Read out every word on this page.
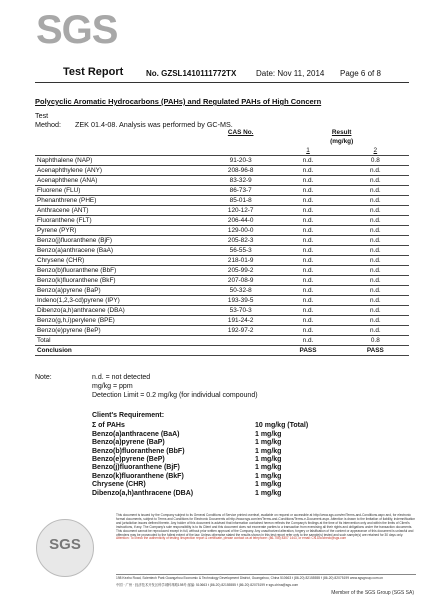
SGS
Test Report	No. GZSL1410111772TX Date: Nov 11, 2014 Page 6 of 8
Polycyclic Aromatic Hydrocarbons (PAHs) and Regulated PAHs of High Concern
Test Method: ZEK 01.4-08. Analysis was performed by GC-MS.
	CAS No.	Result	
		(mg/kg)	
		1	2
Naphthalene (NAP)	91-20-3	n.d.	0.8
Acenaphthylene (ANY)	208-96-8	n.d.	n.d.
Acenaphthene (ANA)	83-32-9	n.d.	n.d.
Fluorene (FLU)	86-73-7	n.d.	n.d.
Phenanthrene (PHE)	85-01-8	n.d.	n.d.
Anthracene (ANT)	120-12-7	n.d.	n.d.
Fluoranthene (FLT)	206-44-0	n.d.	n.d.
Pyrene (PYR)	129-00-0	n.d.	n.d.
Benzo(j)fluoranthene (BjF)	205-82-3	n.d.	n.d.
Benzo(a)anthracene (BaA)	56-55-3	n.d.	n.d.
Chrysene (CHR)	218-01-9	n.d.	n.d.
Benzo(b)fluoranthene (BbF)	205-99-2	n.d.	n.d.
Benzo(k)fluoranthene (BkF)	207-08-9	n.d.	n.d.
Benzo(a)pyrene (BaP)	50-32-8	n.d.	n.d.
Indeno(1,2,3-cd)pyrene (IPY)	193-39-5	n.d.	n.d.
Dibenzo(a,h)anthracene (DBA)	53-70-3	n.d.	n.d.
Benzo(g,h,i)perylene (BPE)	191-24-2	n.d.	n.d.
Benzo(e)pyrene (BeP)	192-97-2	n.d.	n.d.
Total		n.d.	0.8
Conclusion		PASS	PASS
Note:	n.d. = not detected
mg/kg = ppm
Detection Limit = 0.2 mg/kg (for individual compound)
Client's Requirement:
Σ of PAHs	10 mg/kg (Total)
Benzo(a)anthracene (BaA)	1 mg/kg
Benzo(a)pyrene (BaP)	1 mg/kg
Benzo(b)fluoranthene (BbF)	1 mg/kg
Benzo(e)pyrene (BeP)	1 mg/kg
Benzo(j)fluoranthene (BjF)	1 mg/kg
Benzo(k)fluoranthene (BkF)	1 mg/kg
Chrysene (CHR)	1 mg/kg
Dibenzo(a,h)anthracene (DBA)	1 mg/kg
SGS
This document is issued by the Company subject to its General Conditions of Service printed overleaf, available on request or accessible at http://www.sgs.com/en/Terms-and-Conditions.aspx and, for electronic format documents, subject to Terms and Conditions for Electronic Documents at http://www.sgs.com/en/Terms-and-Conditions/Terms-e-Document.aspx. Attention is drawn to the limitation of liability, indemnification and jurisdiction issues defined therein. Any holder of this document is advised that information contained hereon reflects the Company's findings at the time of its intervention only and within the limits of Client's instructions, if any. The Company's sole responsibility is to its Client and this document does not exonerate parties to a transaction from exercising all their rights and obligations under the transaction documents. This document cannot be reproduced except in full, without prior written approval of the Company. Any unauthorized alteration, forgery or falsification of the content or appearance of this document is unlawful and offenders may be prosecuted to the fullest extent of the law. Unless otherwise stated the results shown in this test report refer only to the sample(s) tested and such sample(s) are retained for 30 days only.
Attention: To check the authenticity of testing /inspection report & certificate, please contact us at telephone: (86-755) 8307 1443, or email: CN.Doccheck@sgs.com
198 Kezhu Road, Scientech Park Guangzhou Economic & Technology Development District, Guangzhou, China 510663 t (86-20) 82155555 f (86-20) 82075199 www.sgsgroup.com.cn
中国 · 广州 · 经济技术开发区科学城科珠路198号 邮编: 510663 t (86-20) 82155555 f (86-20) 82075199 e sgs.china@sgs.com
Member of the SGS Group (SGS SA)
